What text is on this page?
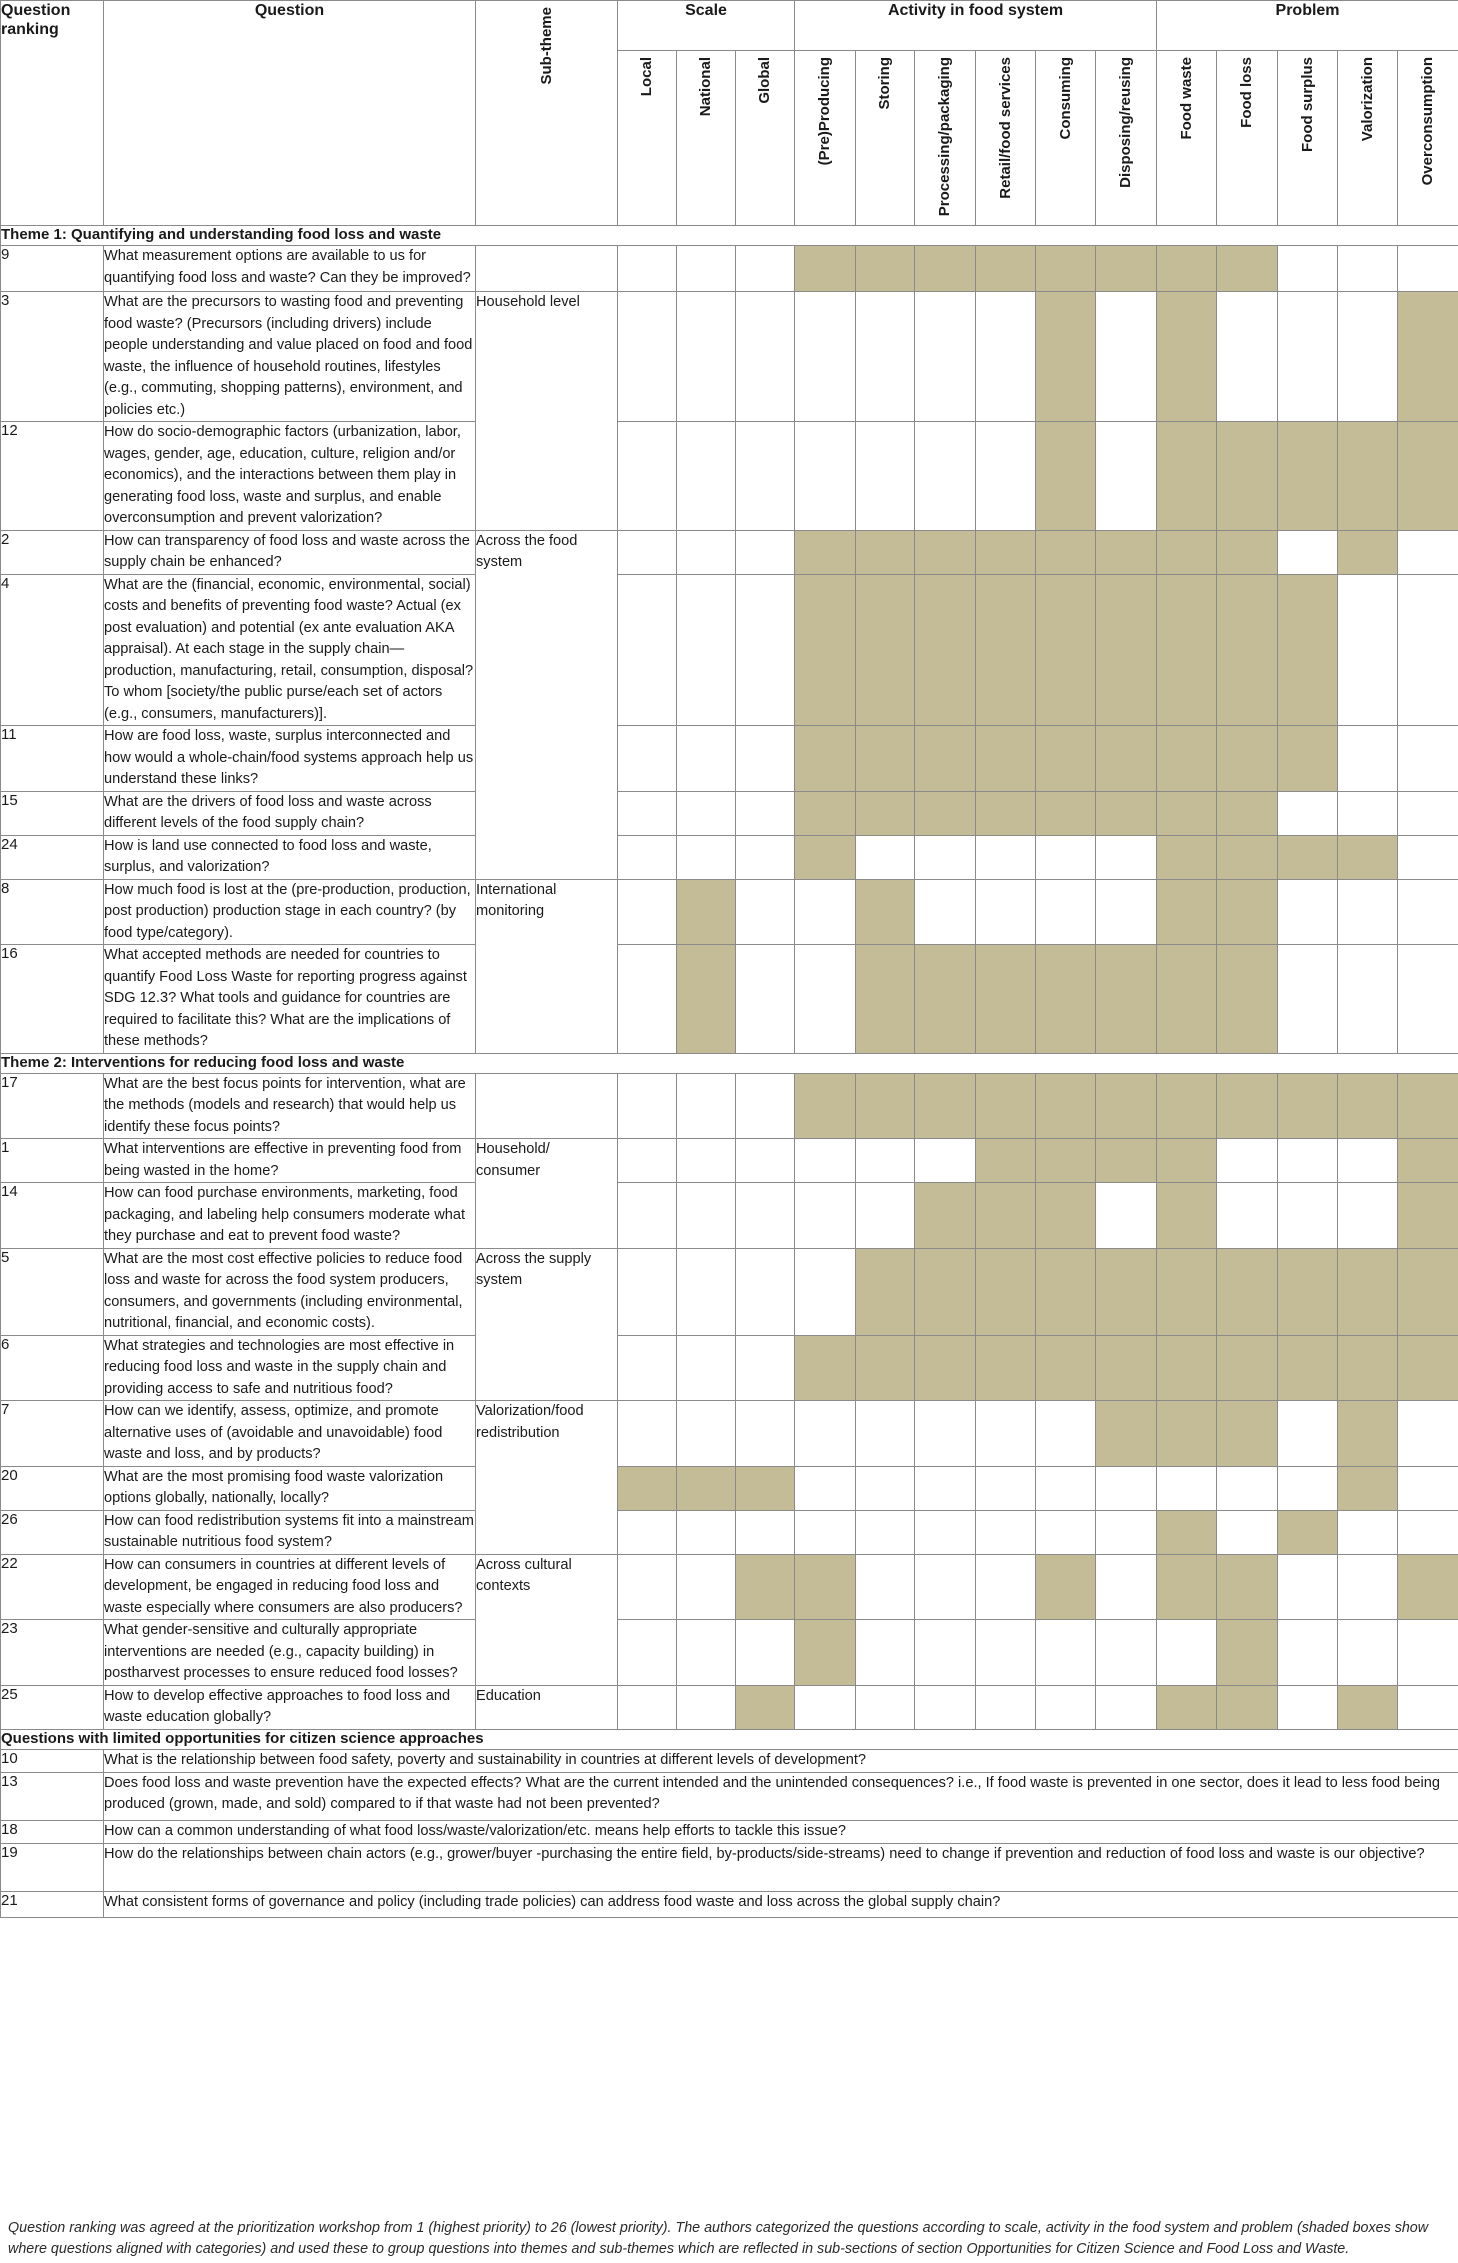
Question ranking	Question	Sub-theme	Scale			Activity in food system						Problem				

			Local	National	Global	(Pre)Producing	Storing	Processing/packaging	Retail/food services	Consuming	Disposing/reusing	Food waste	Food loss	Food surplus	Valorization	Overconsumption

Theme 1: Quantifying and understanding food loss and waste																
9	What measurement options are available to us for quantifying food loss and waste? Can they be improved?															
3	What are the precursors to wasting food and preventing food waste? (Precursors (including drivers) include people understanding and value placed on food and food waste, the influence of household routines, lifestyles (e.g., commuting, shopping patterns), environment, and policies etc.)	Household level														
12	How do socio-demographic factors (urbanization, labor, wages, gender, age, education, culture, religion and/or economics), and the interactions between them play in generating food loss, waste and surplus, and enable overconsumption and prevent valorization?															
2	How can transparency of food loss and waste across the supply chain be enhanced?	Across the food system														
4	What are the (financial, economic, environmental, social) costs and benefits of preventing food waste? Actual (ex post evaluation) and potential (ex ante evaluation AKA appraisal). At each stage in the supply chain—production, manufacturing, retail, consumption, disposal? To whom [society/the public purse/each set of actors (e.g., consumers, manufacturers)].															
11	How are food loss, waste, surplus interconnected and how would a whole-chain/food systems approach help us understand these links?															
15	What are the drivers of food loss and waste across different levels of the food supply chain?															
24	How is land use connected to food loss and waste, surplus, and valorization?															
8	How much food is lost at the (pre-production, production, post production) production stage in each country? (by food type/category).	International monitoring														
16	What accepted methods are needed for countries to quantify Food Loss Waste for reporting progress against SDG 12.3? What tools and guidance for countries are required to facilitate this? What are the implications of these methods?															
Theme 2: Interventions for reducing food loss and waste																
17	What are the best focus points for intervention, what are the methods (models and research) that would help us identify these focus points?															
1	What interventions are effective in preventing food from being wasted in the home?	Household/ consumer														
14	How can food purchase environments, marketing, food packaging, and labeling help consumers moderate what they purchase and eat to prevent food waste?															
5	What are the most cost effective policies to reduce food loss and waste for across the food system producers, consumers, and governments (including environmental, nutritional, financial, and economic costs).	Across the supply system														
6	What strategies and technologies are most effective in reducing food loss and waste in the supply chain and providing access to safe and nutritious food?															
7	How can we identify, assess, optimize, and promote alternative uses of (avoidable and unavoidable) food waste and loss, and by products?	Valorization/food redistribution														
20	What are the most promising food waste valorization options globally, nationally, locally?															
26	How can food redistribution systems fit into a mainstream sustainable nutritious food system?															
22	How can consumers in countries at different levels of development, be engaged in reducing food loss and waste especially where consumers are also producers?	Across cultural contexts														
23	What gender-sensitive and culturally appropriate interventions are needed (e.g., capacity building) in postharvest processes to ensure reduced food losses?															
25	How to develop effective approaches to food loss and waste education globally?	Education														
Questions with limited opportunities for citizen science approaches																
10	What is the relationship between food safety, poverty and sustainability in countries at different levels of development?															
13	Does food loss and waste prevention have the expected effects? What are the current intended and the unintended consequences? i.e., If food waste is prevented in one sector, does it lead to less food being produced (grown, made, and sold) compared to if that waste had not been prevented?															
18	How can a common understanding of what food loss/waste/valorization/etc. means help efforts to tackle this issue?															
19	How do the relationships between chain actors (e.g., grower/buyer -purchasing the entire field, by-products/side-streams) need to change if prevention and reduction of food loss and waste is our objective?															
21	What consistent forms of governance and policy (including trade policies) can address food waste and loss across the global supply chain?															
Question ranking was agreed at the prioritization workshop from 1 (highest priority) to 26 (lowest priority). The authors categorized the questions according to scale, activity in the food system and problem (shaded boxes show where questions aligned with categories) and used these to group questions into themes and sub-themes which are reflected in sub-sections of section Opportunities for Citizen Science and Food Loss and Waste.
